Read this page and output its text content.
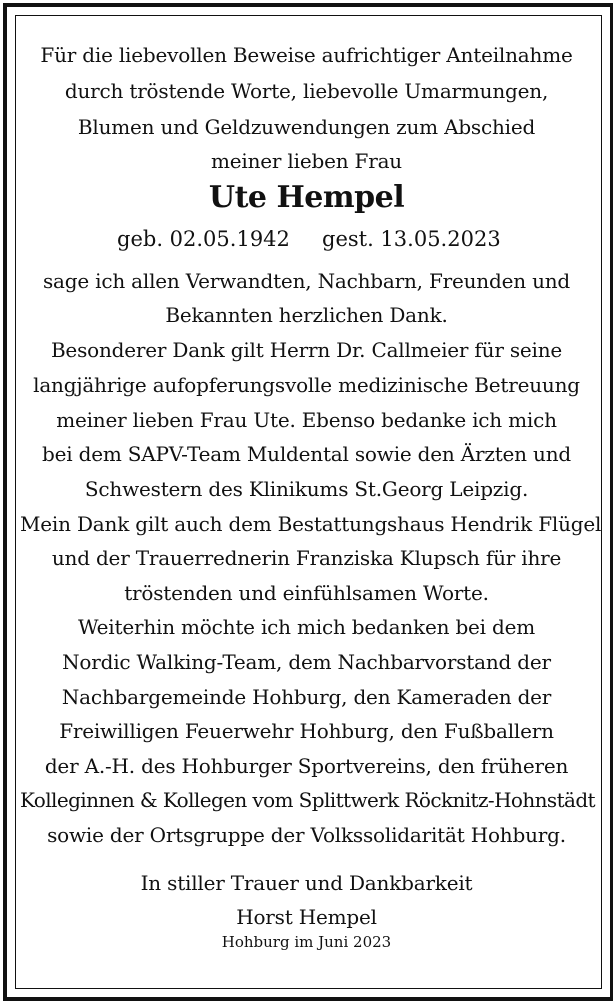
Für die liebevollen Beweise aufrichtiger Anteilnahme
durch tröstende Worte, liebevolle Umarmungen,
Blumen und Geldzuwendungen zum Abschied
meiner lieben Frau
Ute Hempel
geb. 02.05.1942 gest. 13.05.2023
sage ich allen Verwandten, Nachbarn, Freunden und
Bekannten herzlichen Dank.
Besonderer Dank gilt Herrn Dr. Callmeier für seine
langjährige aufopferungsvolle medizinische Betreuung
meiner lieben Frau Ute. Ebenso bedanke ich mich
bei dem SAPV-Team Muldental sowie den Ärzten und
Schwestern des Klinikums St.Georg Leipzig.
Mein Dank gilt auch dem Bestattungshaus Hendrik Flügel
und der Trauerrednerin Franziska Klupsch für ihre
tröstenden und einfühlsamen Worte.
Weiterhin möchte ich mich bedanken bei dem
Nordic Walking-Team, dem Nachbarvorstand der
Nachbargemeinde Hohburg, den Kameraden der
Freiwilligen Feuerwehr Hohburg, den Fußballern
der A.-H. des Hohburger Sportvereins, den früheren
Kolleginnen & Kollegen vom Splittwerk Röcknitz-Hohnstädt
sowie der Ortsgruppe der Volkssolidarität Hohburg.
In stiller Trauer und Dankbarkeit
Horst Hempel
Hohburg im Juni 2023
